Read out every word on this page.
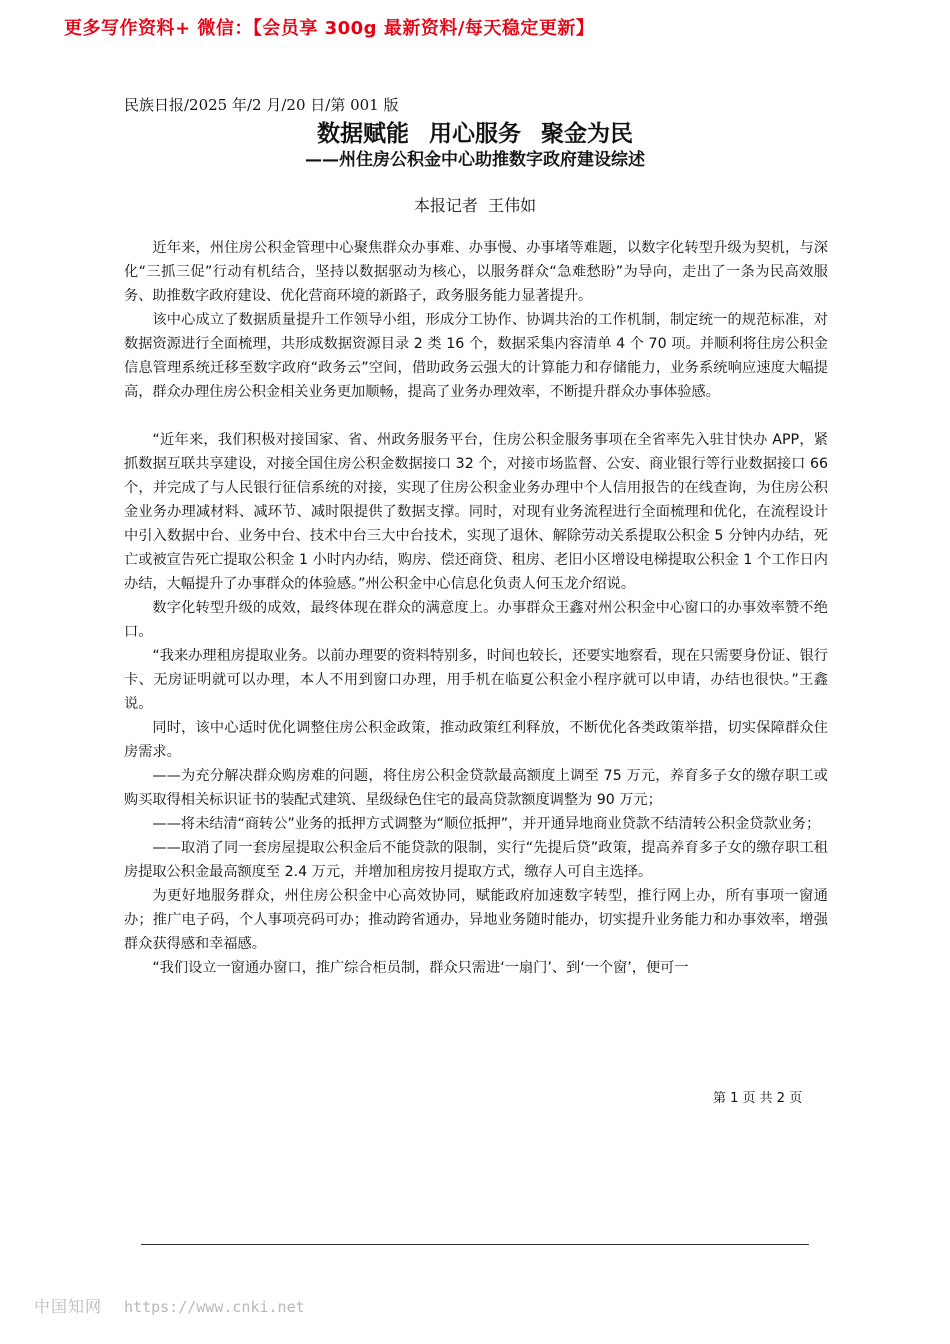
更多写作资料+ 微信：【会员享 300g 最新资料/每天稳定更新】
民族日报/2025 年/2 月/20 日/第 001 版
数据赋能 用心服务 聚金为民
——州住房公积金中心助推数字政府建设综述
本报记者  王伟如

近年来，州住房公积金管理中心聚焦群众办事难、办事慢、办事堵等难题，以数字化转型升级为契机，与深化“三抓三促”行动有机结合，坚持以数据驱动为核心，以服务群众“急难愁盼”为导向，走出了一条为民高效服务、助推数字政府建设、优化营商环境的新路子，政务服务能力显著提升。

该中心成立了数据质量提升工作领导小组，形成分工协作、协调共治的工作机制，制定统一的规范标准，对数据资源进行全面梳理，共形成数据资源目录 2 类 16 个，数据采集内容清单 4 个 70 项。并顺利将住房公积金信息管理系统迁移至数字政府“政务云”空间，借助政务云强大的计算能力和存储能力，业务系统响应速度大幅提高，群众办理住房公积金相关业务更加顺畅，提高了业务办理效率，不断提升群众办事体验感。

“近年来，我们积极对接国家、省、州政务服务平台，住房公积金服务事项在全省率先入驻甘快办 APP，紧抓数据互联共享建设，对接全国住房公积金数据接口 32 个，对接市场监督、公安、商业银行等行业数据接口 66 个，并完成了与人民银行征信系统的对接，实现了住房公积金业务办理中个人信用报告的在线查询，为住房公积金业务办理减材料、减环节、减时限提供了数据支撑。同时，对现有业务流程进行全面梳理和优化，在流程设计中引入数据中台、业务中台、技术中台三大中台技术，实现了退休、解除劳动关系提取公积金 5 分钟内办结，死亡或被宣告死亡提取公积金 1 小时内办结，购房、偿还商贷、租房、老旧小区增设电梯提取公积金 1 个工作日内办结，大幅提升了办事群众的体验感。”州公积金中心信息化负责人何玉龙介绍说。

数字化转型升级的成效，最终体现在群众的满意度上。办事群众王鑫对州公积金中心窗口的办事效率赞不绝口。

“我来办理租房提取业务。以前办理要的资料特别多，时间也较长，还要实地察看，现在只需要身份证、银行卡、无房证明就可以办理，本人不用到窗口办理，用手机在临夏公积金小程序就可以申请，办结也很快。”王鑫说。

同时，该中心适时优化调整住房公积金政策，推动政策红利释放，不断优化各类政策举措，切实保障群众住房需求。

——为充分解决群众购房难的问题，将住房公积金贷款最高额度上调至 75 万元，养育多子女的缴存职工或购买取得相关标识证书的装配式建筑、星级绿色住宅的最高贷款额度调整为 90 万元；

——将未结清“商转公”业务的抵押方式调整为“顺位抵押”，并开通异地商业贷款不结清转公积金贷款业务；

——取消了同一套房屋提取公积金后不能贷款的限制，实行“先提后贷”政策，提高养育多子女的缴存职工租房提取公积金最高额度至 2.4 万元，并增加租房按月提取方式，缴存人可自主选择。

为更好地服务群众，州住房公积金中心高效协同，赋能政府加速数字转型，推行网上办，所有事项一窗通办；推广电子码，个人事项亮码可办；推动跨省通办，异地业务随时能办，切实提升业务能力和办事效率，增强群众获得感和幸福感。

“我们设立一窗通办窗口，推广综合柜员制，群众只需进‘一扇门’、到‘一个窗’，便可一

第 1 页 共 2 页
中国知网 https://www.cnki.net
